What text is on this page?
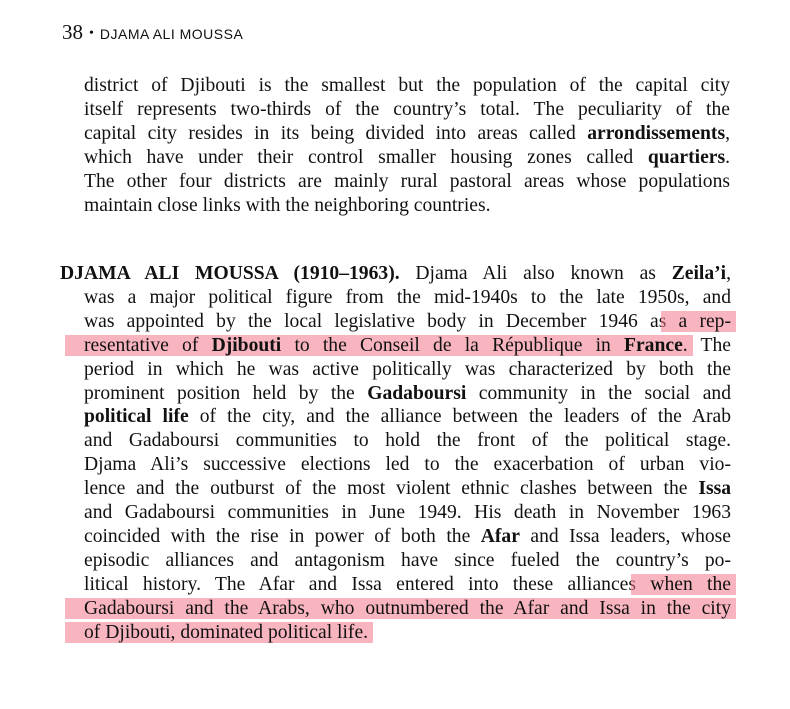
38 • DJAMA ALI MOUSSA
district of Djibouti is the smallest but the population of the capital city
itself represents two-thirds of the country’s total. The peculiarity of the
capital city resides in its being divided into areas called arrondissements,
which have under their control smaller housing zones called quartiers.
The other four districts are mainly rural pastoral areas whose populations
maintain close links with the neighboring countries.
DJAMA ALI MOUSSA (1910–1963). Djama Ali also known as Zeila’i,
was a major political figure from the mid-1940s to the late 1950s, and
was appointed by the local legislative body in December 1946 as a rep-
resentative of Djibouti to the Conseil de la République in France. The
period in which he was active politically was characterized by both the
prominent position held by the Gadaboursi community in the social and
political life of the city, and the alliance between the leaders of the Arab
and Gadaboursi communities to hold the front of the political stage.
Djama Ali’s successive elections led to the exacerbation of urban vio-
lence and the outburst of the most violent ethnic clashes between the Issa
and Gadaboursi communities in June 1949. His death in November 1963
coincided with the rise in power of both the Afar and Issa leaders, whose
episodic alliances and antagonism have since fueled the country’s po-
litical history. The Afar and Issa entered into these alliances when the
Gadaboursi and the Arabs, who outnumbered the Afar and Issa in the city
of Djibouti, dominated political life.
